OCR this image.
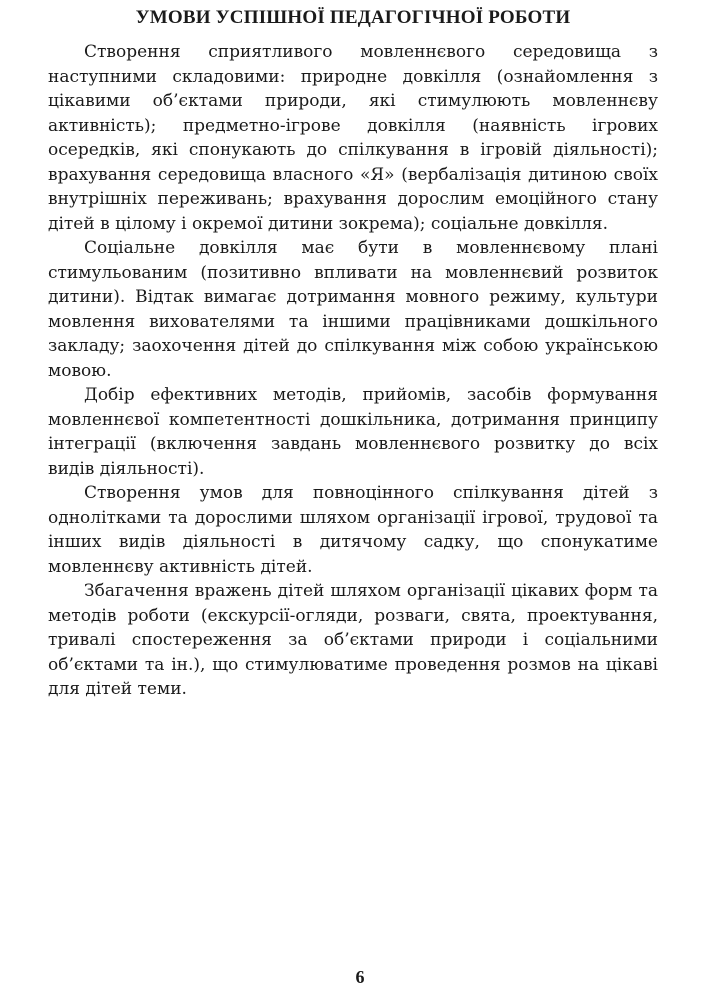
УМОВИ УСПІШНОЇ ПЕДАГОГІЧНОЇ РОБОТИ

Створення сприятливого мовленнєвого середовища з наступними складовими: природне довкілля (ознайомлення з цікавими об’єктами природи, які стимулюють мовленнєву активність); предметно-ігрове довкілля (наявність ігрових осередків, які спонукають до спілкування в ігровій діяльності); врахування середовища власного «Я» (вербалізація дитиною своїх внутрішніх переживань; врахування дорослим емоційного стану дітей в цілому і окремої дитини зокрема); соціальне довкілля.

Соціальне довкілля має бути в мовленнєвому плані стимульованим (позитивно впливати на мовленнєвий розвиток дитини). Відтак вимагає дотримання мовного режиму, культури мовлення вихователями та іншими працівниками дошкільного закладу; заохочення дітей до спілкування між собою українською мовою.

Добір ефективних методів, прийомів, засобів формування мовленнєвої компетентності дошкільника, дотримання принципу інтеграції (включення завдань мовленнєвого розвитку до всіх видів діяльності).

Створення умов для повноцінного спілкування дітей з однолітками та дорослими шляхом організації ігрової, трудової та інших видів діяльності в дитячому садку, що спонукатиме мовленнєву активність дітей.

Збагачення вражень дітей шляхом організації цікавих форм та методів роботи (екскурсії-огляди, розваги, свята, проектування, тривалі спостереження за об’єктами природи і соціальними об’єктами та ін.), що стимулюватиме проведення розмов на цікаві для дітей теми.

6
